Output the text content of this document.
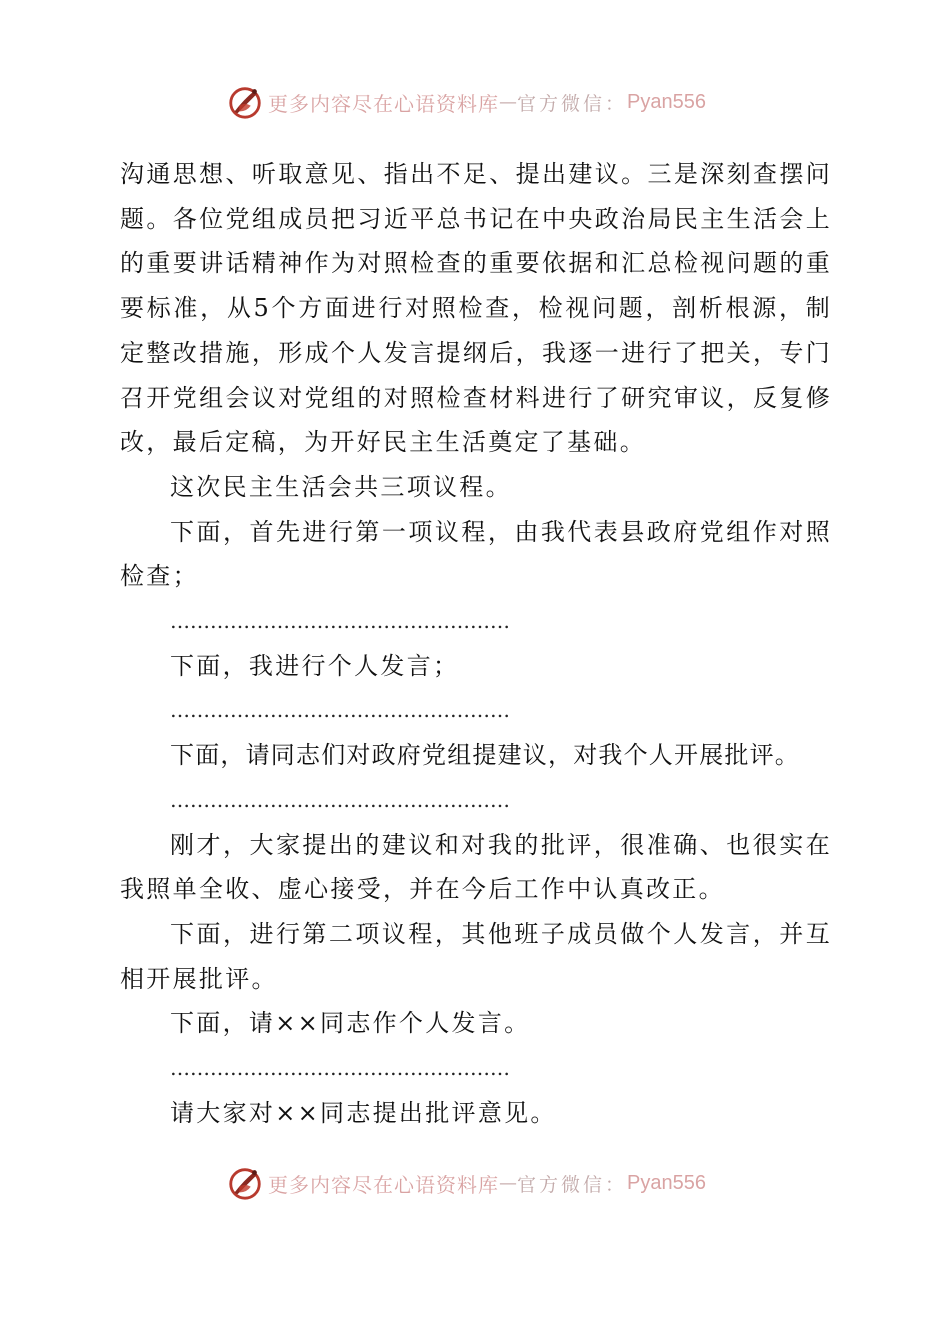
更多内容尽在心语资料库 — 官方微信： Pyan556

沟通思想、听取意见、指出不足、提出建议。三是深刻查摆问题。各位党组成员把习近平总书记在中央政治局民主生活会上的重要讲话精神作为对照检查的重要依据和汇总检视问题的重要标准，从5个方面进行对照检查，检视问题，剖析根源，制定整改措施，形成个人发言提纲后，我逐一进行了把关，专门召开党组会议对党组的对照检查材料进行了研究审议，反复修改，最后定稿，为开好民主生活奠定了基础。

这次民主生活会共三项议程。

下面，首先进行第一项议程，由我代表县政府党组作对照检查；

……………………………………………

下面，我进行个人发言；

……………………………………………

下面，请同志们对政府党组提建议，对我个人开展批评。

……………………………………………

刚才，大家提出的建议和对我的批评，很准确、也很实在我照单全收、虚心接受，并在今后工作中认真改正。

下面，进行第二项议程，其他班子成员做个人发言，并互相开展批评。

下面，请××同志作个人发言。

……………………………………………

请大家对××同志提出批评意见。

更多内容尽在心语资料库 — 官方微信： Pyan556
